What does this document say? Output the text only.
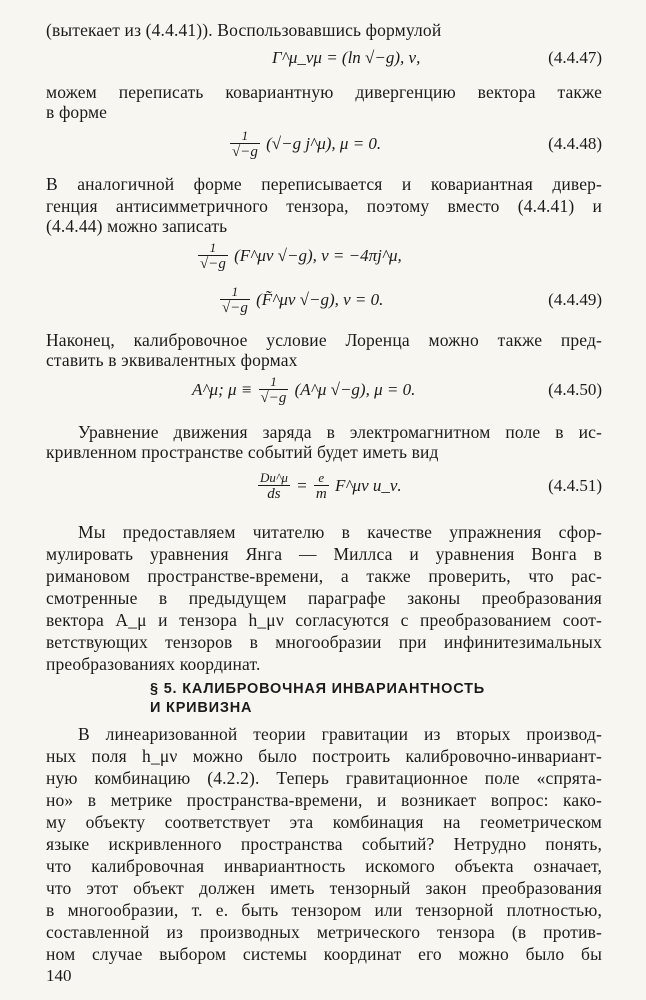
(вытекает из (4.4.41)). Воспользовавшись формулой
Γ^μ_νμ = (ln √−g), ν,	(4.4.47)
можем переписать ковариантную дивергенцию вектора также
в форме
$\frac{1}{√-g} (√-g$ j^μ), μ = 0.	(4.4.48)
В аналогичной форме переписывается и ковариантная дивер-
генция антисимметричного тензора, поэтому вместо (4.4.41) и
(4.4.44) можно записать
$\frac{1}{√-g}$ (F^μν √−g), ν = −4πj^μ,
$\frac{1}{√-g}$ (F̃^μν √−g), ν = 0.	(4.4.49)
Наконец, калибровочное условие Лоренца можно также пред-
ставить в эквивалентных формах
A^μ; $\mu \equiv \frac{1}{√-g}$ (A^μ √−g), μ = 0.	(4.4.50)
Уравнение движения заряда в электромагнитном поле в ис-
кривленном пространстве событий будет иметь вид
$\frac{Du\^{}\mu}{ds} = \frac{e}{m}$ F^μν u_ν.	(4.4.51)
Мы предоставляем читателю в качестве упражнения сфор-
мулировать уравнения Янга — Миллса и уравнения Вонга в
римановом пространстве-времени, а также проверить, что рас-
смотренные в предыдущем параграфе законы преобразования
вектора A_μ и тензора h_μν согласуются с преобразованием соот-
ветствующих тензоров в многообразии при инфинитезимальных
преобразованиях координат.
§ 5. КАЛИБРОВОЧНАЯ ИНВАРИАНТНОСТЬ
И КРИВИЗНА
В линеаризованной теории гравитации из вторых производ-
ных поля h_μν можно было построить калибровочно-инвариант-
ную комбинацию (4.2.2). Теперь гравитационное поле «спрята-
но» в метрике пространства-времени, и возникает вопрос: како-
му объекту соответствует эта комбинация на геометрическом
языке искривленного пространства событий? Нетрудно понять,
что калибровочная инвариантность искомого объекта означает,
что этот объект должен иметь тензорный закон преобразования
в многообразии, т. е. быть тензором или тензорной плотностью,
составленной из производных метрического тензора (в против-
ном случае выбором системы координат его можно было бы
140
